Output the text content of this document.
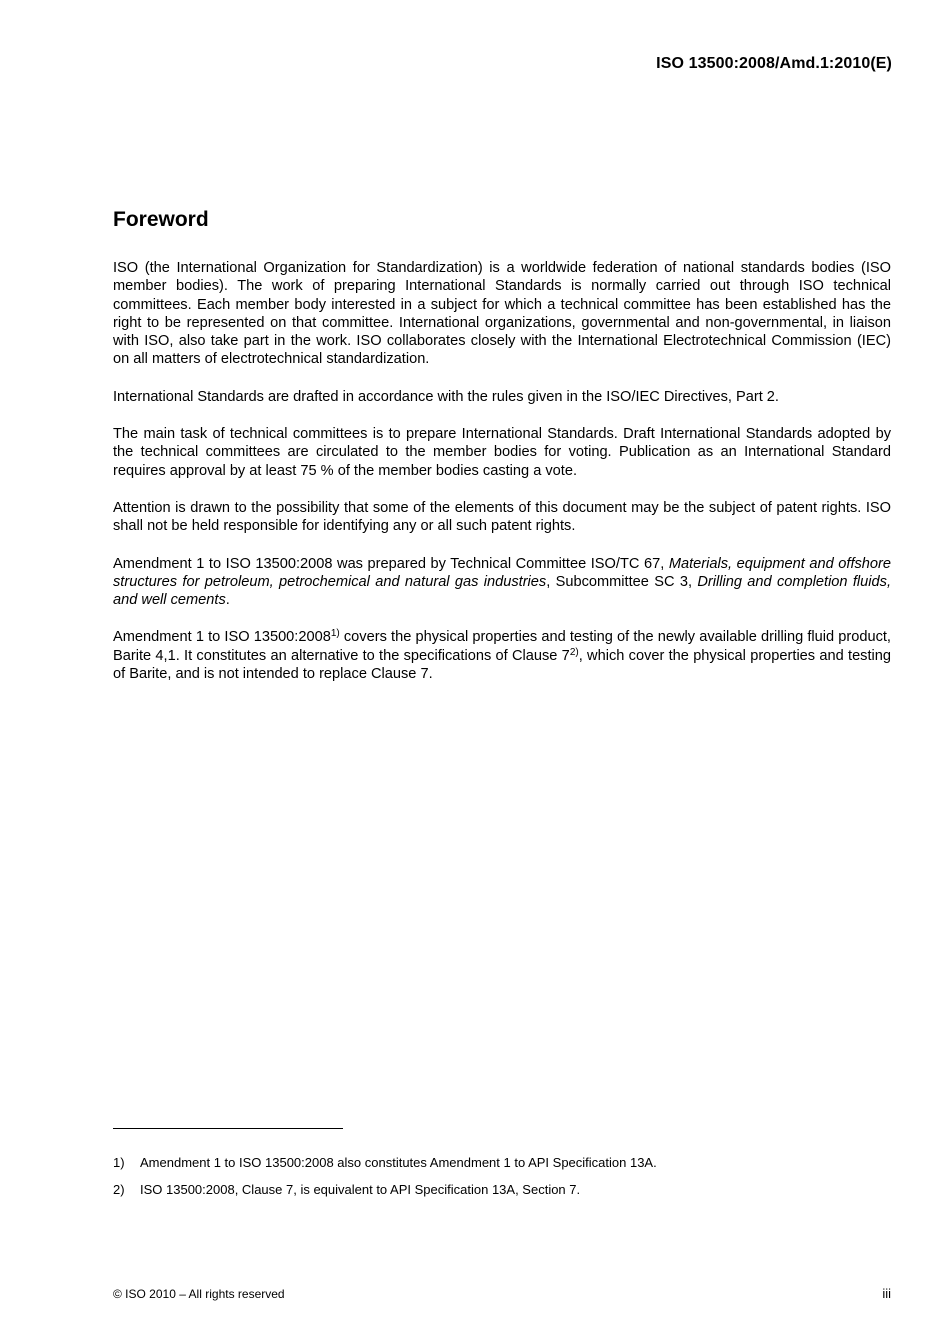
ISO 13500:2008/Amd.1:2010(E)
Foreword

ISO (the International Organization for Standardization) is a worldwide federation of national standards bodies (ISO member bodies). The work of preparing International Standards is normally carried out through ISO technical committees. Each member body interested in a subject for which a technical committee has been established has the right to be represented on that committee. International organizations, governmental and non-governmental, in liaison with ISO, also take part in the work. ISO collaborates closely with the International Electrotechnical Commission (IEC) on all matters of electrotechnical standardization.

International Standards are drafted in accordance with the rules given in the ISO/IEC Directives, Part 2.

The main task of technical committees is to prepare International Standards. Draft International Standards adopted by the technical committees are circulated to the member bodies for voting. Publication as an International Standard requires approval by at least 75 % of the member bodies casting a vote.

Attention is drawn to the possibility that some of the elements of this document may be the subject of patent rights. ISO shall not be held responsible for identifying any or all such patent rights.

Amendment 1 to ISO 13500:2008 was prepared by Technical Committee ISO/TC 67, Materials, equipment and offshore structures for petroleum, petrochemical and natural gas industries, Subcommittee SC 3, Drilling and completion fluids, and well cements.

Amendment 1 to ISO 13500:2008$^{1)}$ covers the physical properties and testing of the newly available drilling fluid product, Barite 4,1. It constitutes an alternative to the specifications of Clause 7$^{2)}$, which cover the physical properties and testing of Barite, and is not intended to replace Clause 7.

1)	Amendment 1 to ISO 13500:2008 also constitutes Amendment 1 to API Specification 13A.
2)	ISO 13500:2008, Clause 7, is equivalent to API Specification 13A, Section 7.
© ISO 2010 – All rights reserved	iii
